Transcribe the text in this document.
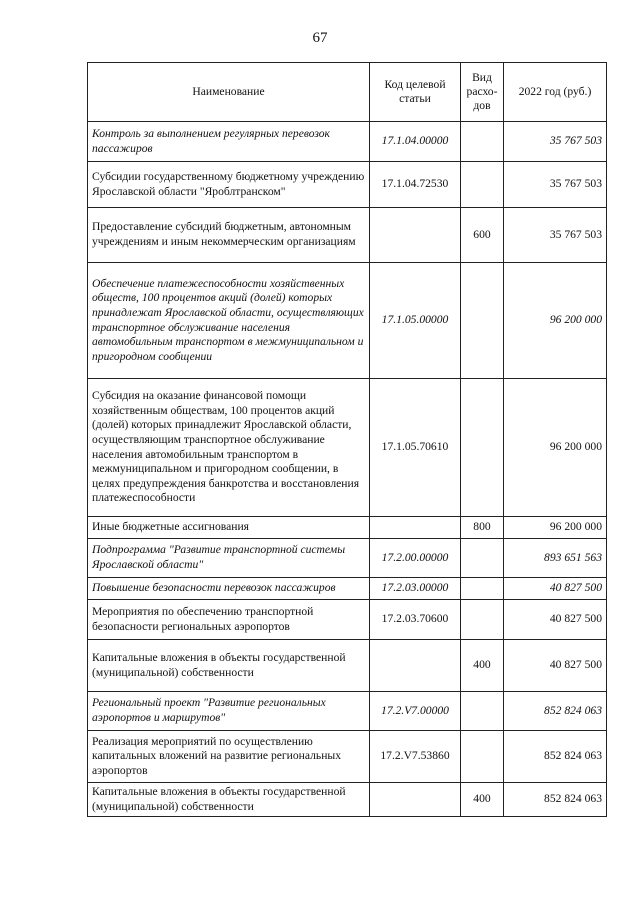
67
Наименование	Код целевой статьи	Вид расхо-дов	2022 год (руб.)
Контроль за выполнением регулярных перевозок пассажиров	17.1.04.00000		35 767 503
Субсидии государственному бюджетному учреждению Ярославской области "Яроблтранском"	17.1.04.72530		35 767 503
Предоставление субсидий бюджетным, автономным учреждениям и иным некоммерческим организациям		600	35 767 503
Обеспечение платежеспособности хозяйственных обществ, 100 процентов акций (долей) которых принадлежат Ярославской области, осуществляющих транспортное обслуживание населения автомобильным транспортом в межмуниципальном и пригородном сообщении	17.1.05.00000		96 200 000
Субсидия на оказание финансовой помощи хозяйственным обществам, 100 процентов акций (долей) которых принадлежит Ярославской области, осуществляющим транспортное обслуживание населения автомобильным транспортом в межмуниципальном и пригородном сообщении, в целях предупреждения банкротства и восстановления платежеспособности	17.1.05.70610		96 200 000
Иные бюджетные ассигнования		800	96 200 000
Подпрограмма "Развитие транспортной системы Ярославской области"	17.2.00.00000		893 651 563
Повышение безопасности перевозок пассажиров	17.2.03.00000		40 827 500
Мероприятия по обеспечению транспортной безопасности региональных аэропортов	17.2.03.70600		40 827 500
Капитальные вложения в объекты государственной (муниципальной) собственности		400	40 827 500
Региональный проект "Развитие региональных аэропортов и маршрутов"	17.2.V7.00000		852 824 063
Реализация мероприятий по осуществлению капитальных вложений на развитие региональных аэропортов	17.2.V7.53860		852 824 063
Капитальные вложения в объекты государственной (муниципальной) собственности		400	852 824 063
